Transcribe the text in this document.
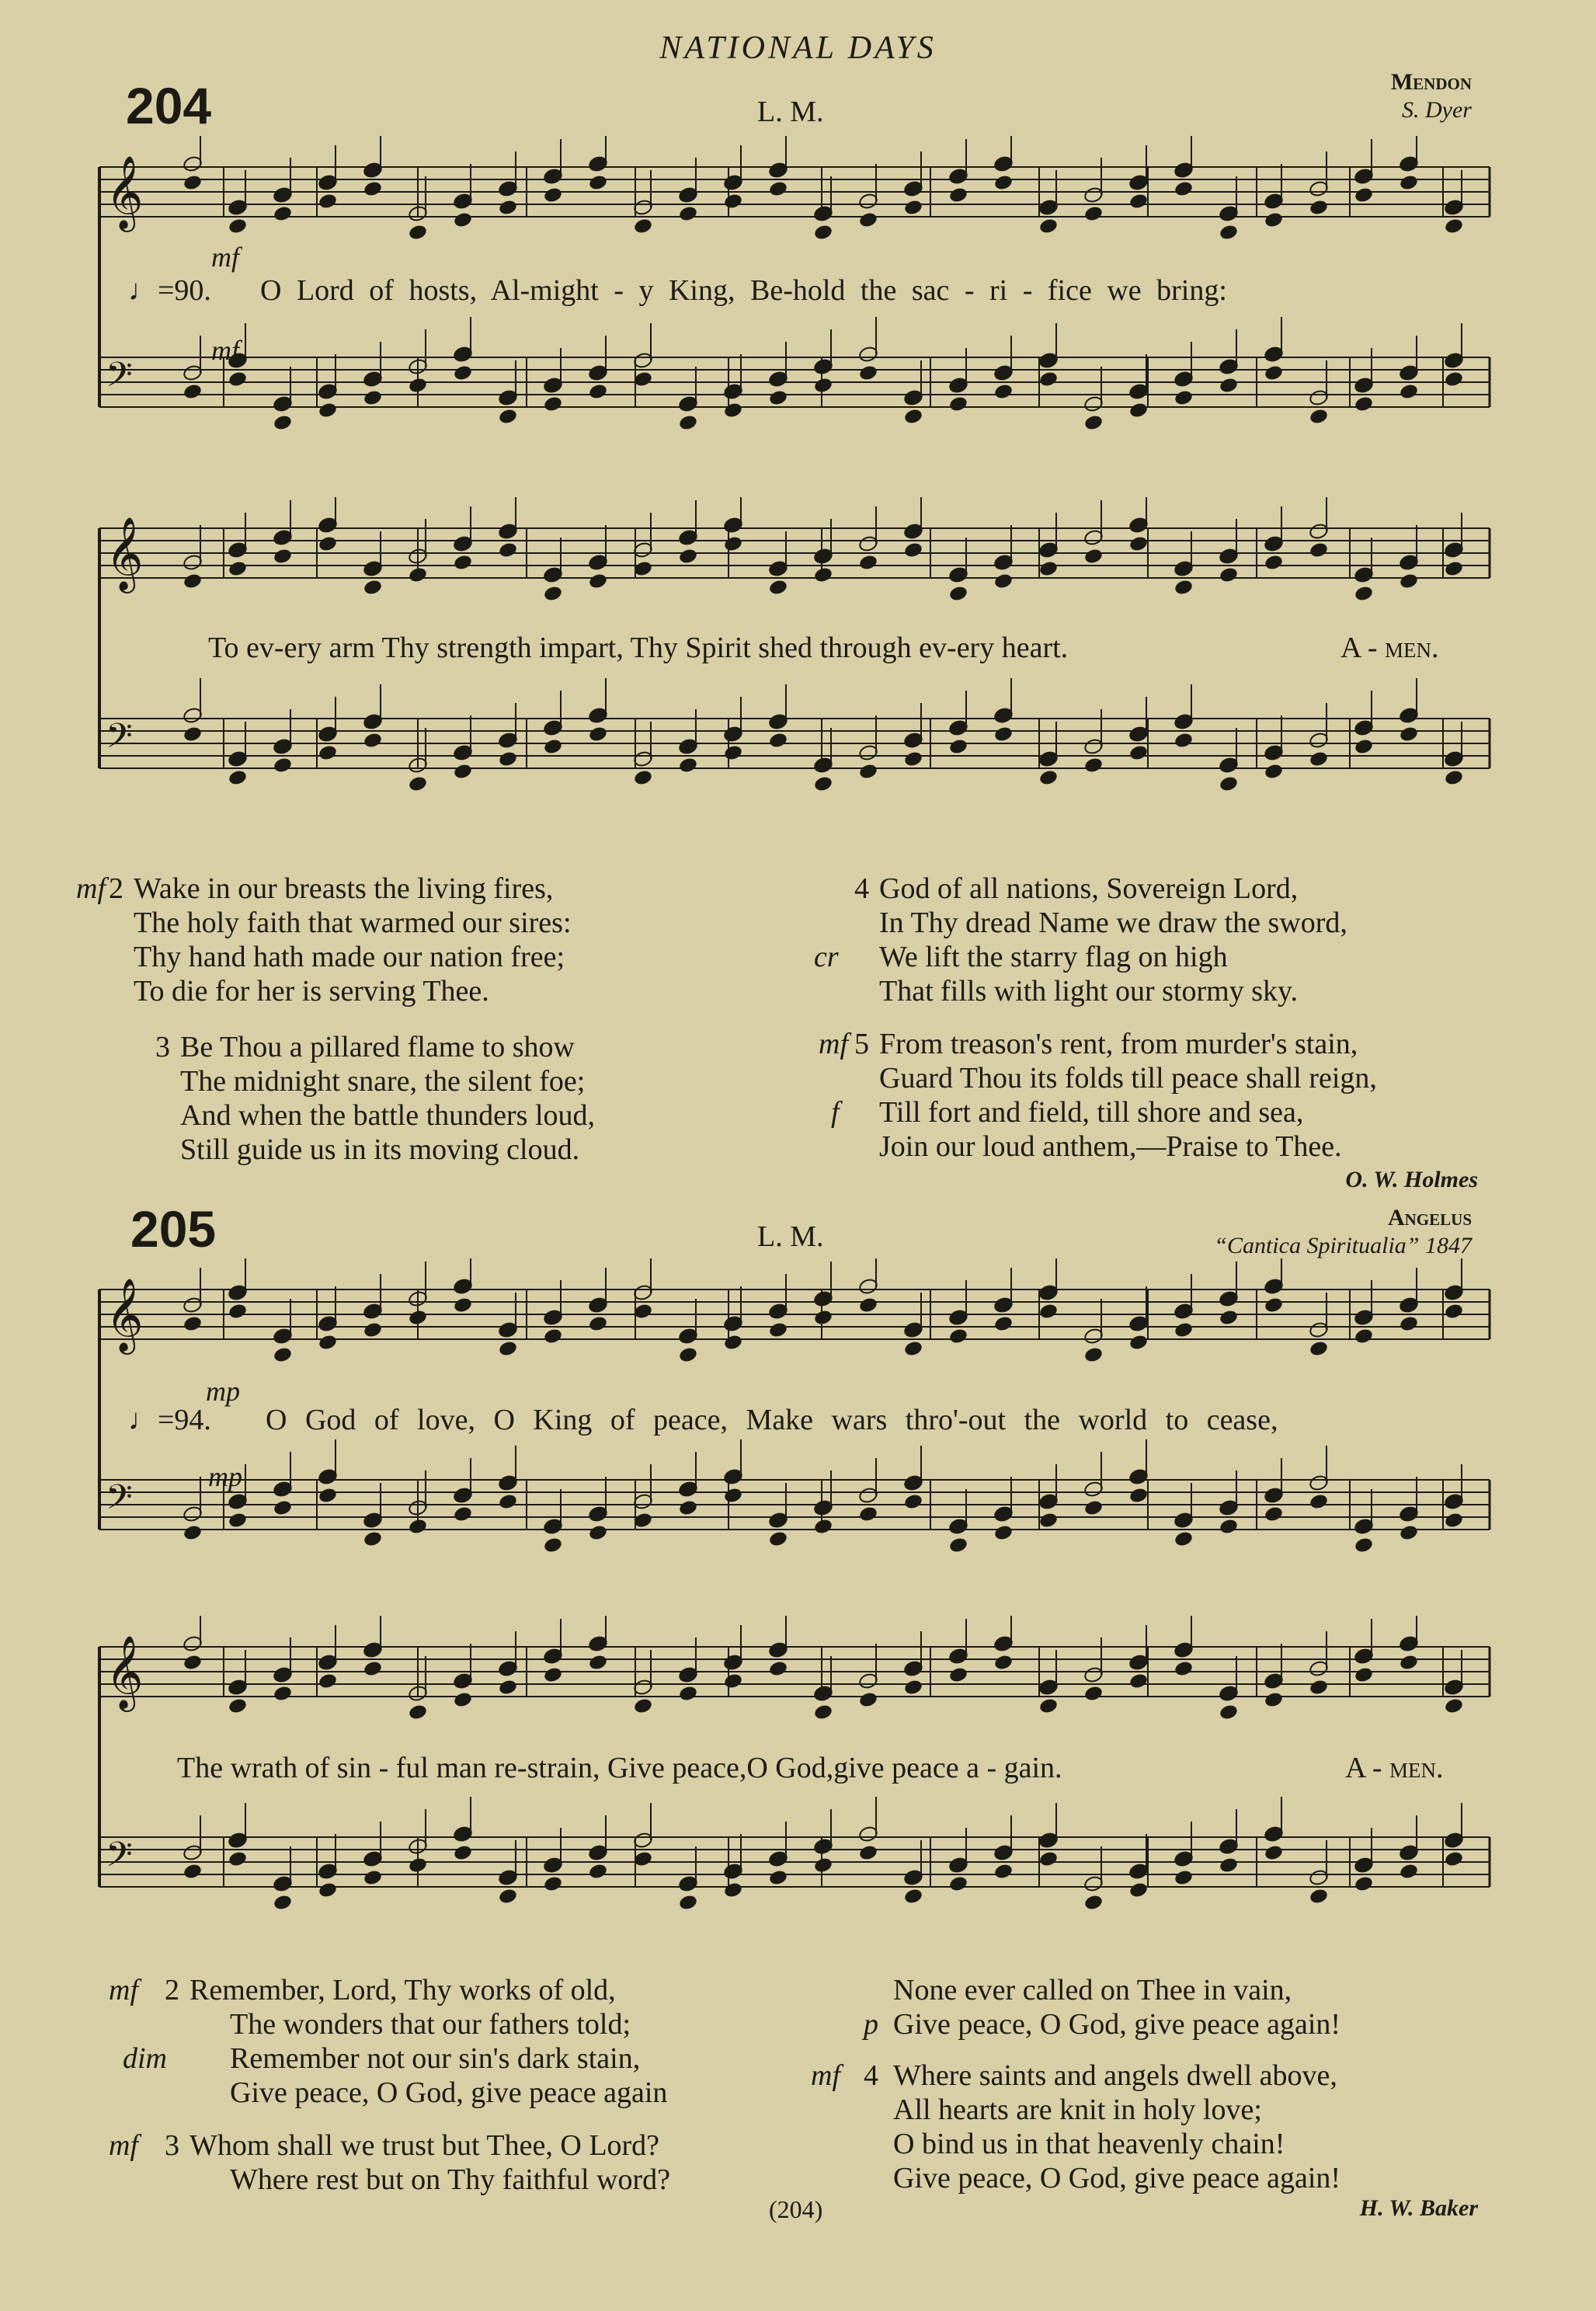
NATIONAL DAYS
204	L. M.
Mendon
S. Dyer
𝄞
𝄢
mf
♩=90. O Lord of hosts, Al-might - y King, Be-hold the sac - ri - fice we bring:
mf
𝄞
𝄢
To ev-ery arm Thy strength impart, Thy Spirit shed through ev-ery heart.	A - men.
mf 2 Wake in our breasts the living fires,
The holy faith that warmed our sires:
Thy hand hath made our nation free;
To die for her is serving Thee.
3 Be Thou a pillared flame to show
The midnight snare, the silent foe;
And when the battle thunders loud,
Still guide us in its moving cloud.
4 God of all nations, Sovereign Lord,
In Thy dread Name we draw the sword,
cr We lift the starry flag on high
That fills with light our stormy sky.
mf 5 From treason's rent, from murder's stain,
Guard Thou its folds till peace shall reign,
f Till fort and field, till shore and sea,
Join our loud anthem,—Praise to Thee.
O. W. Holmes
205	L. M.
Angelus
“Cantica Spiritualia” 1847
𝄞
𝄢
mp
♩=94. O God of love, O King of peace, Make wars thro'-out the world to cease,
mp
𝄞
𝄢
The wrath of sin - ful man re-strain, Give peace,O God,give peace a - gain.	A - men.
mf 2 Remember, Lord, Thy works of old,
The wonders that our fathers told;
dim Remember not our sin's dark stain,
Give peace, O God, give peace again
mf 3 Whom shall we trust but Thee, O Lord?
Where rest but on Thy faithful word?
None ever called on Thee in vain,
p Give peace, O God, give peace again!
mf 4 Where saints and angels dwell above,
All hearts are knit in holy love;
O bind us in that heavenly chain!
Give peace, O God, give peace again!
H. W. Baker
(204)
